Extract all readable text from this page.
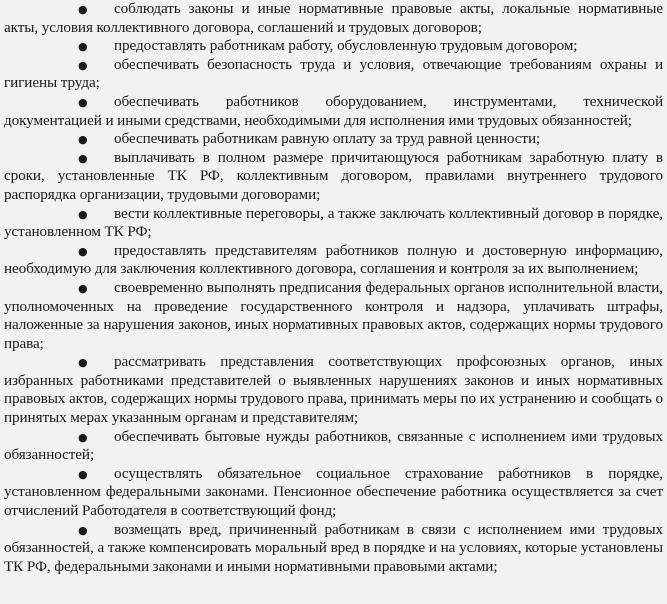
● соблюдать законы и иные нормативные правовые акты, локальные нормативные акты, условия коллективного договора, соглашений и трудовых договоров;
● предоставлять работникам работу, обусловленную трудовым договором;
● обеспечивать безопасность труда и условия, отвечающие требованиям охраны и гигиены труда;
● обеспечивать работников оборудованием, инструментами, технической документацией и иными средствами, необходимыми для исполнения ими трудовых обязанностей;
● обеспечивать работникам равную оплату за труд равной ценности;
● выплачивать в полном размере причитающуюся работникам заработную плату в сроки, установленные ТК РФ, коллективным договором, правилами внутреннего трудового распорядка организации, трудовыми договорами;
● вести коллективные переговоры, а также заключать коллективный договор в порядке, установленном ТК РФ;
● предоставлять представителям работников полную и достоверную информацию, необходимую для заключения коллективного договора, соглашения и контроля за их выполнением;
● своевременно выполнять предписания федеральных органов исполнительной власти, уполномоченных на проведение государственного контроля и надзора, уплачивать штрафы, наложенные за нарушения законов, иных нормативных правовых актов, содержащих нормы трудового права;
● рассматривать представления соответствующих профсоюзных органов, иных избранных работниками представителей о выявленных нарушениях законов и иных нормативных правовых актов, содержащих нормы трудового права, принимать меры по их устранению и сообщать о принятых мерах указанным органам и представителям;
● обеспечивать бытовые нужды работников, связанные с исполнением ими трудовых обязанностей;
● осуществлять обязательное социальное страхование работников в порядке, установленном федеральными законами. Пенсионное обеспечение работника осуществляется за счет отчислений Работодателя в соответствующий фонд;
● возмещать вред, причиненный работникам в связи с исполнением ими трудовых обязанностей, а также компенсировать моральный вред в порядке и на условиях, которые установлены ТК РФ, федеральными законами и иными нормативными правовыми актами;
